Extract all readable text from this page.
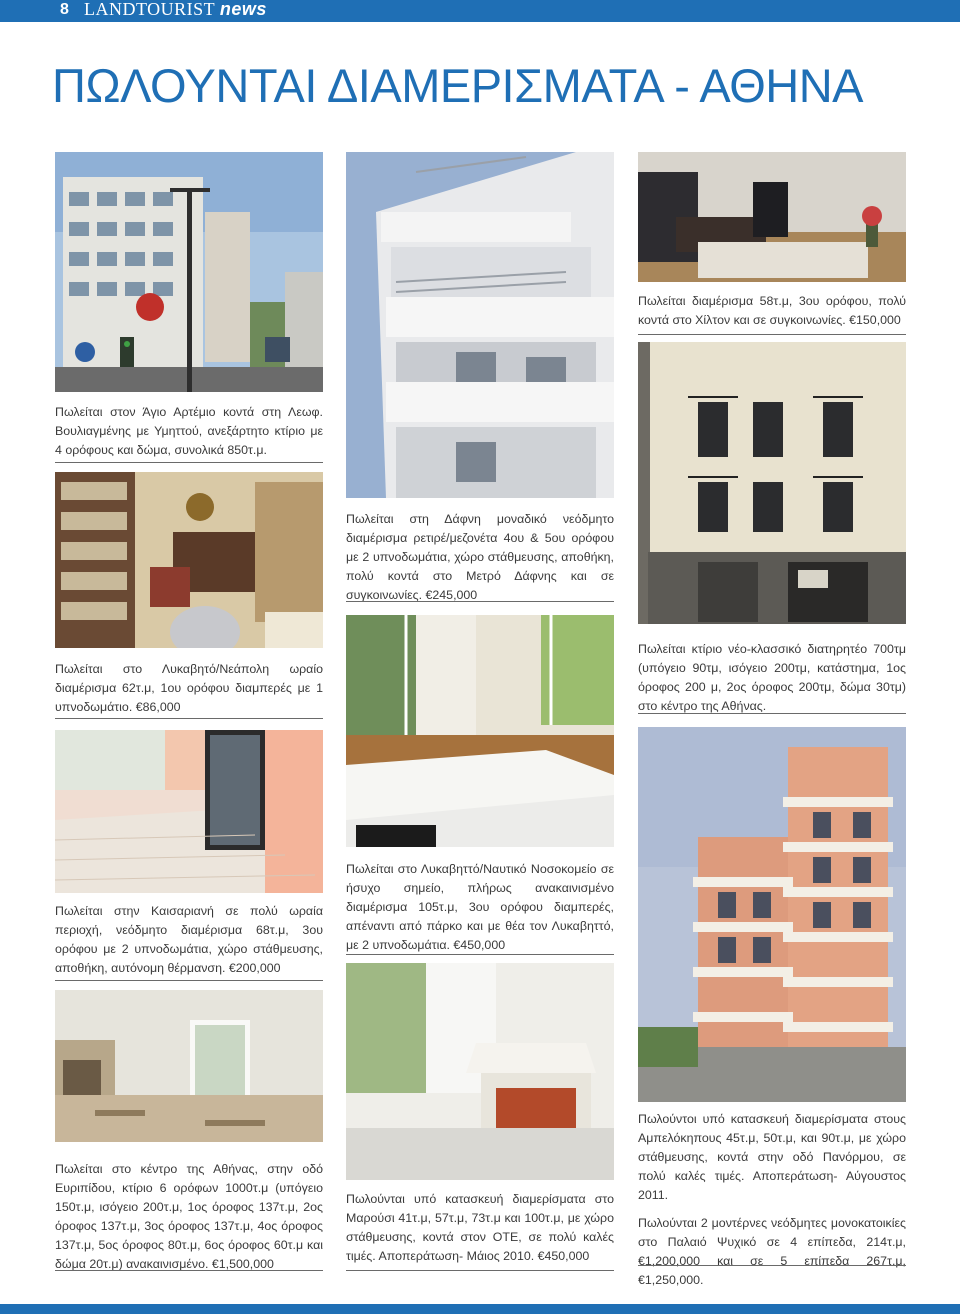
8 LANDTOURIST news
ΠΩΛΟΥΝΤΑΙ ΔΙΑΜΕΡΙΣΜΑΤΑ - ΑΘΗΝΑ

Πωλείται διαμέρισμα 58τ.μ, 3ου ορόφου, πολύ κοντά στο Χίλτον και σε συγκοινωνίες. €150,000

Πωλείται στον Άγιο Αρτέμιο κοντά στη Λεωφ. Βουλιαγμένης με Υμηττού, ανεξάρτητο κτίριο με 4 ορόφους και δώμα, συνολικά 850τ.μ.

Πωλείται στη Δάφνη μοναδικό νεόδμητο διαμέρισμα ρετιρέ/μεζονέτα 4ου & 5ου ορόφου με 2 υπνοδωμάτια, χώρο στάθμευσης, αποθήκη, πολύ κοντά στο Μετρό Δάφνης και σε συγκοινωνίες. €245,000

Πωλείται στο Λυκαβητό/Νεάπολη ωραίο διαμέρισμα 62τ.μ, 1ου ορόφου διαμπερές με 1 υπνοδωμάτιο. €86,000

Πωλείται κτίριο νέο-κλασσικό διατηρητέο 700τμ (υπόγειο 90τμ, ισόγειο 200τμ, κατάστημα, 1ος όροφος 200 μ, 2ος όροφος 200τμ, δώμα 30τμ) στο κέντρο της Αθήνας.

Πωλείται στο Λυκαβηττό/Ναυτικό Νοσοκομείο σε ήσυχο σημείο, πλήρως ανακαινισμένο διαμέρισμα 105τ.μ, 3ου ορόφου διαμπερές, απέναντι από πάρκο και με θέα τον Λυκαβηττό, με 2 υπνοδωμάτια. €450,000

Πωλείται στην Καισαριανή σε πολύ ωραία περιοχή, νεόδμητο διαμέρισμα 68τ.μ, 3ου ορόφου με 2 υπνοδωμάτια, χώρο στάθμευσης, αποθήκη, αυτόνομη θέρμανση. €200,000

Πωλούντοι υπό κατασκευή διαμερίσματα στους Αμπελόκηπους 45τ.μ, 50τ.μ, και 90τ.μ, με χώρο στάθμευσης, κοντά στην οδό Πανόρμου, σε πολύ καλές τιμές. Αποπεράτωση- Αύγουστος 2011.

Πωλούνται 2 μοντέρνες νεόδμητες μονοκατοικίες στο Παλαιό Ψυχικό σε 4 επίπεδα, 214τ.μ, €1,200,000 και σε 5 επίπεδα 267τ.μ, €1,250,000.

Πωλείται στο κέντρο της Αθήνας, στην οδό Ευριπίδου, κτίριο 6 ορόφων 1000τ.μ (υπόγειο 150τ.μ, ισόγειο 200τ.μ, 1ος όροφος 137τ.μ, 2ος όροφος 137τ.μ, 3ος όροφος 137τ.μ, 4ος όροφος 137τ.μ, 5ος όροφος 80τ.μ, 6ος όροφος 60τ.μ και δώμα 20τ.μ) ανακαινισμένο. €1,500,000

Πωλούνται υπό κατασκευή διαμερίσματα στο Μαρούσι 41τ.μ, 57τ.μ, 73τ.μ και 100τ.μ, με χώρο στάθμευσης, κοντά στον ΟΤΕ, σε πολύ καλές τιμές. Αποπεράτωση- Μάιος 2010. €450,000
